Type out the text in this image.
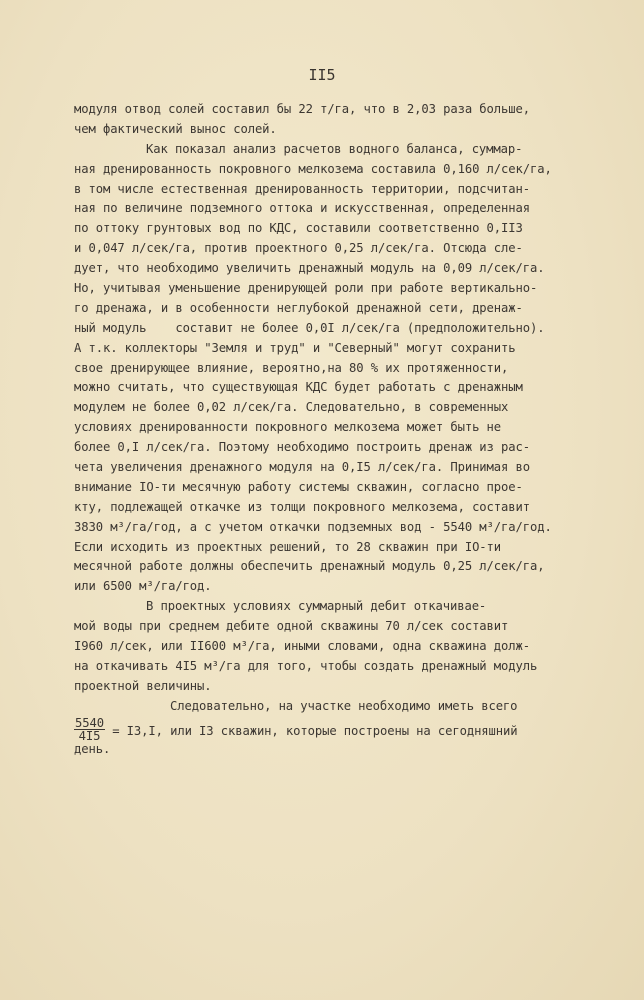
II5
модуля отвод солей составил бы 22 т/га, что в 2,03 раза больше,
чем фактический вынос солей.
Как показал анализ расчетов водного баланса, суммар-
ная дренированность покровного мелкозема составила 0,160 л/сек/га,
в том числе естественная дренированность территории, подсчитан-
ная по величине подземного оттока и искусственная, определенная
по оттоку грунтовых вод по КДС, составили соответственно 0,II3
и 0,047 л/сек/га, против проектного 0,25 л/сек/га. Отсюда сле-
дует, что необходимо увеличить дренажный модуль на 0,09 л/сек/га.
Но, учитывая уменьшение дренирующей роли при работе вертикально-
го дренажа, и в особенности неглубокой дренажной сети, дренаж-
ный модуль    составит не более 0,0I л/сек/га (предположительно).
А т.к. коллекторы "Земля и труд" и "Северный" могут сохранить
свое дренирующее влияние, вероятно,на 80 % их протяженности,
можно считать, что существующая КДС будет работать с дренажным
модулем не более 0,02 л/сек/га. Следовательно, в современных
условиях дренированности покровного мелкозема может быть не
более 0,I л/сек/га. Поэтому необходимо построить дренаж из рас-
чета увеличения дренажного модуля на 0,I5 л/сек/га. Принимая во
внимание IO-ти месячную работу системы скважин, согласно прое-
кту, подлежащей откачке из толщи покровного мелкозема, составит
3830 м³/га/год, а с учетом откачки подземных вод - 5540 м³/га/год.
Если исходить из проектных решений, то 28 скважин при IO-ти
месячной работе должны обеспечить дренажный модуль 0,25 л/сек/га,
или 6500 м³/га/год.
В проектных условиях суммарный дебит откачивае-
мой воды при среднем дебите одной скважины 70 л/сек составит
I960 л/сек, или II600 м³/га, иными словами, одна скважина долж-
на откачивать 4I5 м³/га для того, чтобы создать дренажный модуль
проектной величины.
Следовательно, на участке необходимо иметь всего
$\frac{5540}{4I5} = I3,I$, или I3 скважин, которые построены на сегодняшний
день.
